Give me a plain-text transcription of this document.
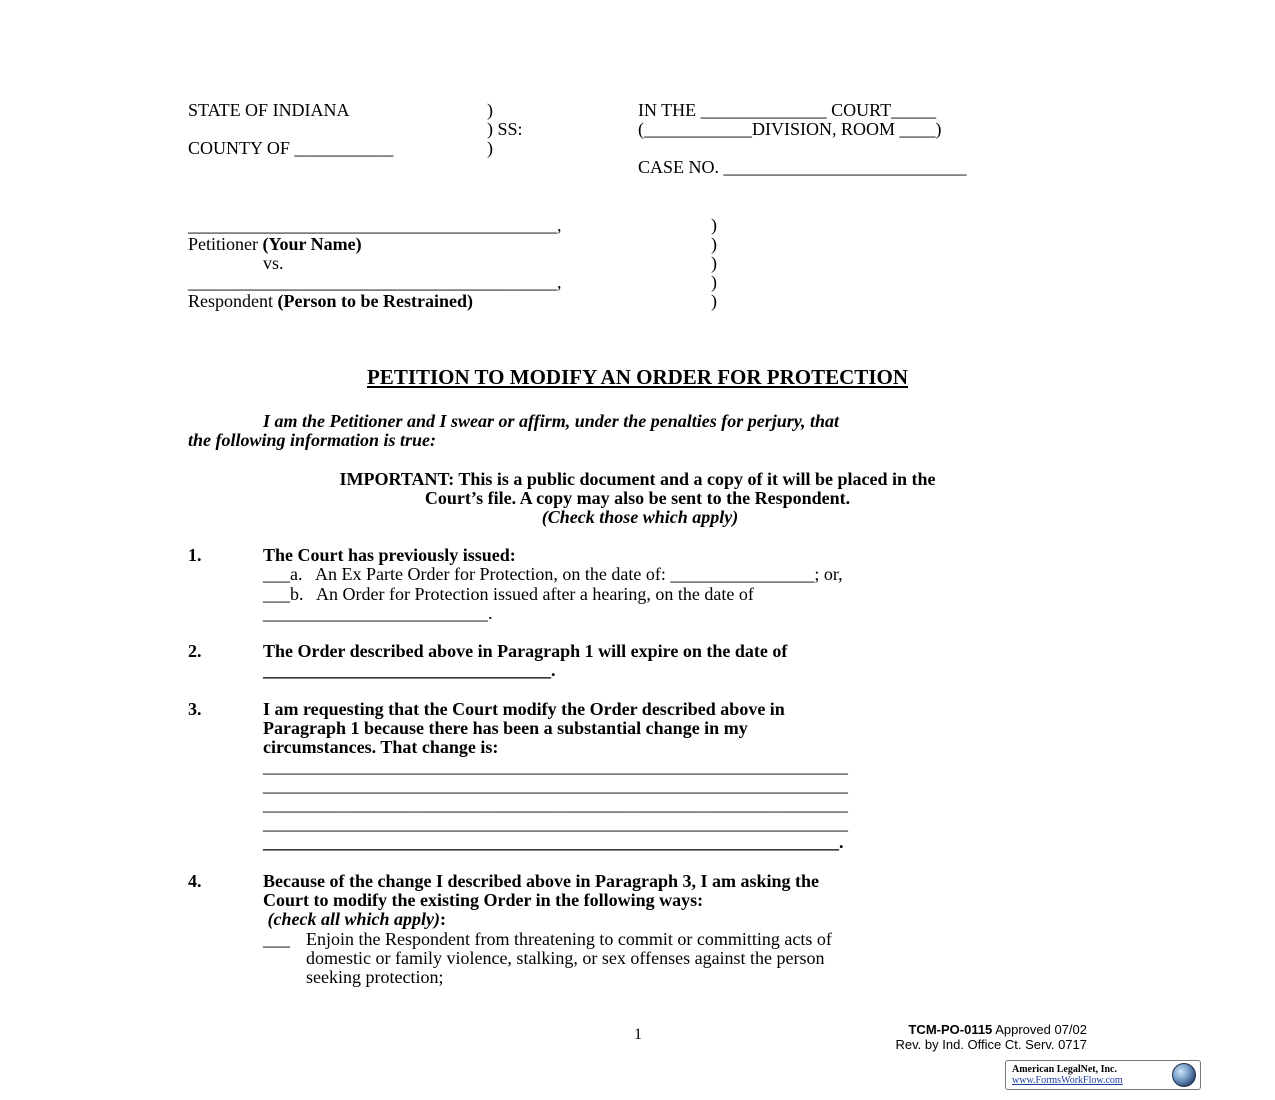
STATE OF INDIANA	)
) SS:
COUNTY OF ___________	)
IN THE ______________ COURT_____
(____________DIVISION, ROOM ____)
CASE NO. ___________________________
_________________________________________,
Petitioner (Your Name)
vs.
_________________________________________,
Respondent (Person to be Restrained)
)
)
)
)
)
PETITION TO MODIFY AN ORDER FOR PROTECTION
I am the Petitioner and I swear or affirm, under the penalties for perjury, that
the following information is true:
IMPORTANT: This is a public document and a copy of it will be placed in the
Court’s file. A copy may also be sent to the Respondent.
(Check those which apply)
1.	The Court has previously issued:
___a.   An Ex Parte Order for Protection, on the date of: ________________; or,
___b.   An Order for Protection issued after a hearing, on the date of
_________________________.
2.	The Order described above in Paragraph 1 will expire on the date of
________________________________.
3.	I am requesting that the Court modify the Order described above in
Paragraph 1 because there has been a substantial change in my
circumstances. That change is:
_________________________________________________________________
_________________________________________________________________
_________________________________________________________________
_________________________________________________________________
________________________________________________________________.
4.	Because of the change I described above in Paragraph 3, I am asking the
Court to modify the existing Order in the following ways:
(check all which apply):
___ Enjoin the Respondent from threatening to commit or committing acts of
domestic or family violence, stalking, or sex offenses against the person
seeking protection;
1	TCM-PO-0115 Approved 07/02
Rev. by Ind. Office Ct. Serv. 0717
American LegalNet, Inc.
www.FormsWorkFlow.com
